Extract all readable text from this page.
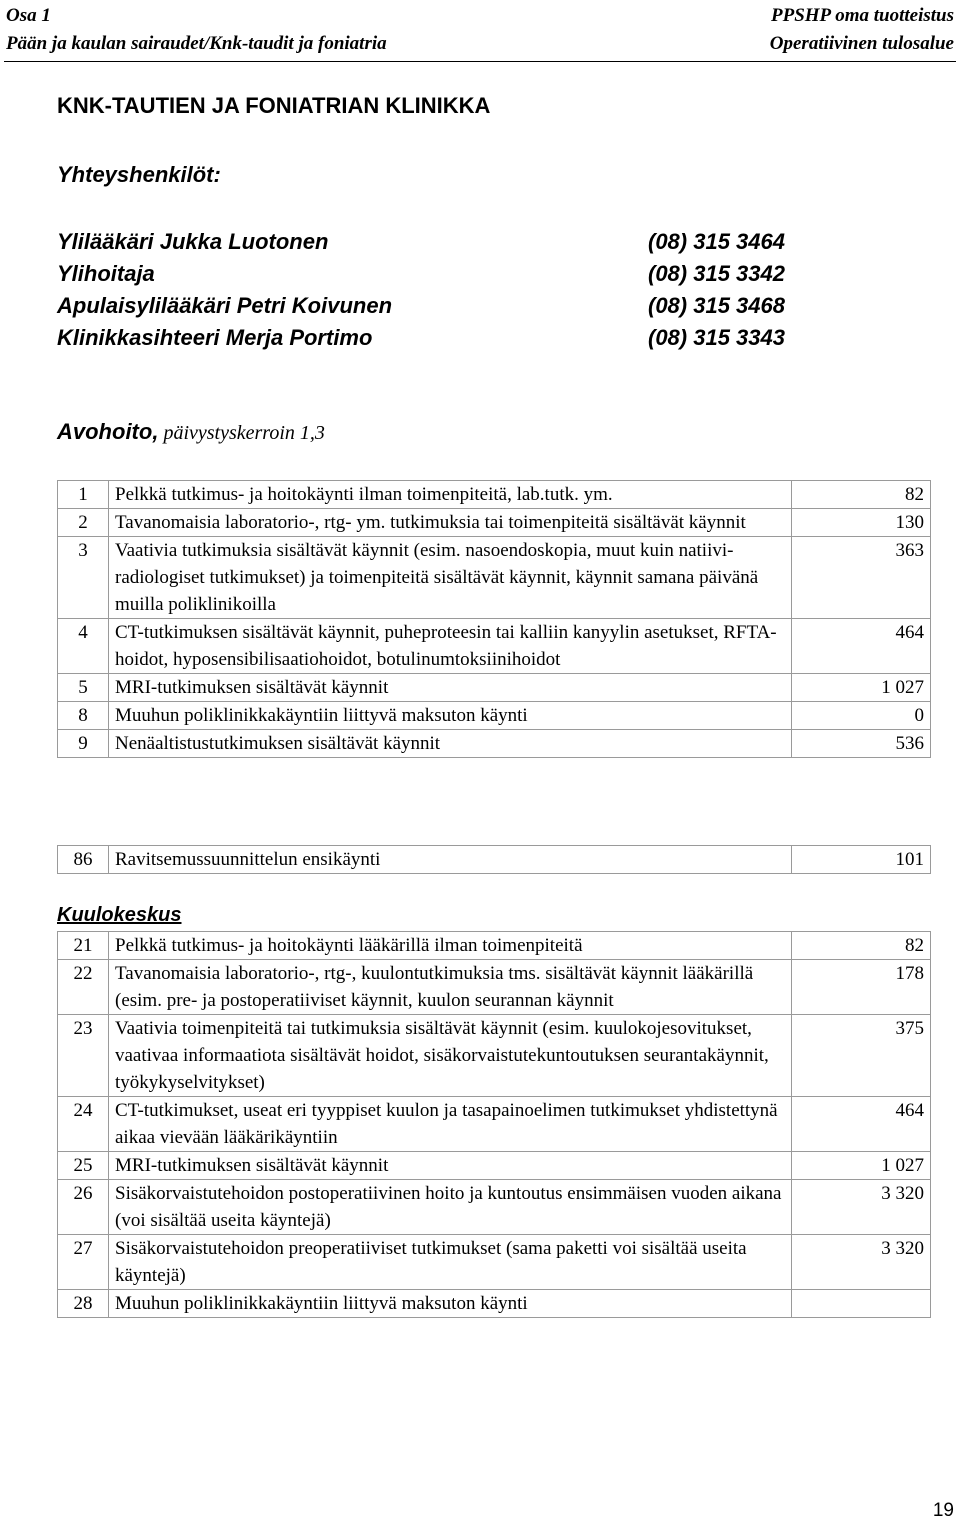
Osa 1
Pään ja kaulan sairaudet/Knk-taudit ja foniatria
PPSHP oma tuotteistus
Operatiivinen tulosalue
KNK-TAUTIEN JA FONIATRIAN KLINIKKA
Yhteyshenkilöt:
Ylilääkäri Jukka Luotonen	(08) 315 3464
Ylihoitaja	(08) 315 3342
Apulaisylilääkäri Petri Koivunen	(08) 315 3468
Klinikkasihteeri Merja Portimo	(08) 315 3343
Avohoito, päivystyskerroin 1,3
1	Pelkkä tutkimus- ja hoitokäynti ilman toimenpiteitä, lab.tutk. ym.	82
2	Tavanomaisia laboratorio-, rtg- ym. tutkimuksia tai toimenpiteitä sisältävät käynnit	130
3	Vaativia tutkimuksia sisältävät käynnit (esim. nasoendoskopia, muut kuin natiivi-radiologiset tutkimukset) ja toimenpiteitä sisältävät käynnit, käynnit samana päivänä muilla poliklinikoilla	363
4	CT-tutkimuksen sisältävät käynnit, puheproteesin tai kalliin kanyylin asetukset, RFTA-hoidot, hyposensibilisaatiohoidot, botulinumtoksiinihoidot	464
5	MRI-tutkimuksen sisältävät käynnit	1 027
8	Muuhun poliklinikkakäyntiin liittyvä maksuton käynti	0
9	Nenäaltistustutkimuksen sisältävät käynnit	536
86	Ravitsemussuunnittelun ensikäynti	101
Kuulokeskus
21	Pelkkä tutkimus- ja hoitokäynti lääkärillä ilman toimenpiteitä	82
22	Tavanomaisia laboratorio-, rtg-, kuulontutkimuksia tms. sisältävät käynnit lääkärillä (esim. pre- ja postoperatiiviset käynnit, kuulon seurannan käynnit	178
23	Vaativia toimenpiteitä tai tutkimuksia sisältävät käynnit (esim. kuulokojesovitukset, vaativaa informaatiota sisältävät hoidot, sisäkorvaistutekuntoutuksen seurantakäynnit, työkykyselvitykset)	375
24	CT-tutkimukset, useat eri tyyppiset kuulon ja tasapainoelimen tutkimukset yhdistettynä aikaa vievään lääkärikäyntiin	464
25	MRI-tutkimuksen sisältävät käynnit	1 027
26	Sisäkorvaistutehoidon postoperatiivinen hoito ja kuntoutus ensimmäisen vuoden aikana (voi sisältää useita käyntejä)	3 320
27	Sisäkorvaistutehoidon preoperatiiviset tutkimukset (sama paketti voi sisältää useita käyntejä)	3 320
28	Muuhun poliklinikkakäyntiin liittyvä maksuton käynti	
19
